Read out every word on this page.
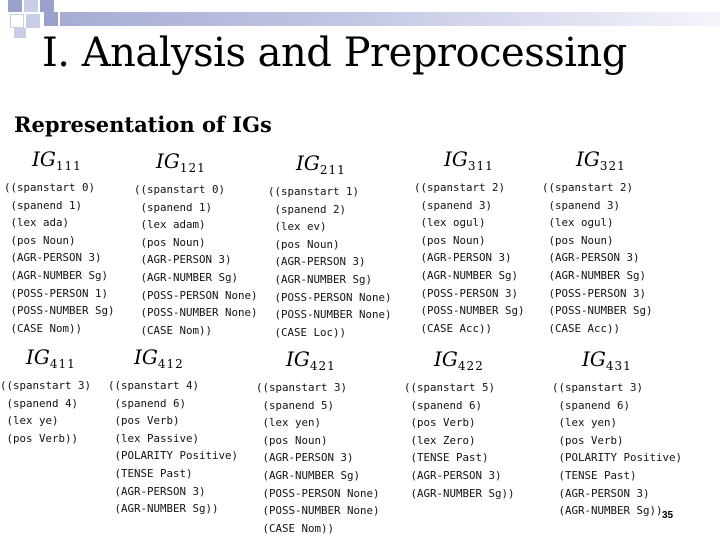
I. Analysis and Preprocessing
Representation of IGs
$IG_{111}$
((spanstart 0)
(spanend 1)
(lex ada)
(pos Noun)
(AGR-PERSON 3)
(AGR-NUMBER Sg)
(POSS-PERSON 1)
(POSS-NUMBER Sg)
(CASE Nom))
$IG_{121}$
((spanstart 0)
(spanend 1)
(lex adam)
(pos Noun)
(AGR-PERSON 3)
(AGR-NUMBER Sg)
(POSS-PERSON None)
(POSS-NUMBER None)
(CASE Nom))
$IG_{211}$
((spanstart 1)
(spanend 2)
(lex ev)
(pos Noun)
(AGR-PERSON 3)
(AGR-NUMBER Sg)
(POSS-PERSON None)
(POSS-NUMBER None)
(CASE Loc))
$IG_{311}$
((spanstart 2)
(spanend 3)
(lex ogul)
(pos Noun)
(AGR-PERSON 3)
(AGR-NUMBER Sg)
(POSS-PERSON 3)
(POSS-NUMBER Sg)
(CASE Acc))
$IG_{321}$
((spanstart 2)
(spanend 3)
(lex ogul)
(pos Noun)
(AGR-PERSON 3)
(AGR-NUMBER Sg)
(POSS-PERSON 3)
(POSS-NUMBER Sg)
(CASE Acc))
$IG_{411}$
((spanstart 3)
(spanend 4)
(lex ye)
(pos Verb))
$IG_{412}$
((spanstart 4)
(spanend 6)
(pos Verb)
(lex Passive)
(POLARITY Positive)
(TENSE Past)
(AGR-PERSON 3)
(AGR-NUMBER Sg))
$IG_{421}$
((spanstart 3)
(spanend 5)
(lex yen)
(pos Noun)
(AGR-PERSON 3)
(AGR-NUMBER Sg)
(POSS-PERSON None)
(POSS-NUMBER None)
(CASE Nom))
$IG_{422}$
((spanstart 5)
(spanend 6)
(pos Verb)
(lex Zero)
(TENSE Past)
(AGR-PERSON 3)
(AGR-NUMBER Sg))
$IG_{431}$
((spanstart 3)
(spanend 6)
(lex yen)
(pos Verb)
(POLARITY Positive)
(TENSE Past)
(AGR-PERSON 3)
(AGR-NUMBER Sg)) 35
